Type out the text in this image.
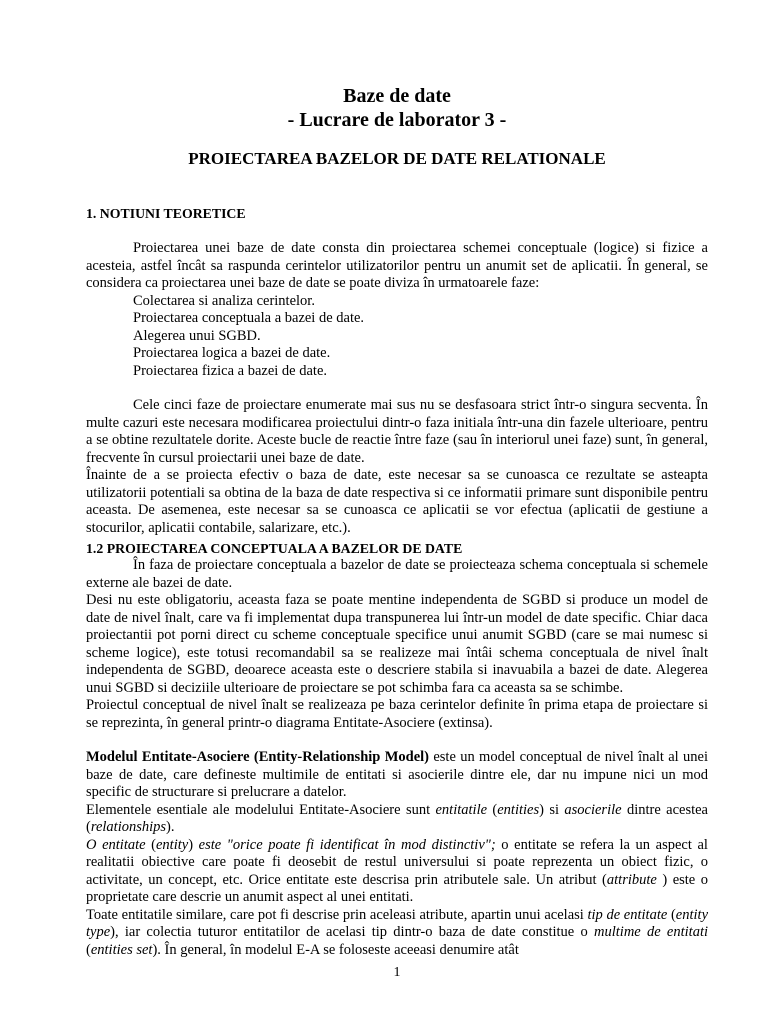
Baze de date
- Lucrare de laborator 3 -
PROIECTAREA BAZELOR DE DATE RELATIONALE
1. NOTIUNI TEORETICE

Proiectarea unei baze de date consta din proiectarea schemei conceptuale (logice) si fizice a acesteia, astfel încât sa raspunda cerintelor utilizatorilor pentru un anumit set de aplicatii. În general, se considera ca proiectarea unei baze de date se poate diviza în urmatoarele faze:

Colectarea si analiza cerintelor.
Proiectarea conceptuala a bazei de date.
Alegerea unui SGBD.
Proiectarea logica a bazei de date.
Proiectarea fizica a bazei de date.

Cele cinci faze de proiectare enumerate mai sus nu se desfasoara strict într-o singura secventa. În multe cazuri este necesara modificarea proiectului dintr-o faza initiala într-una din fazele ulterioare, pentru a se obtine rezultatele dorite. Aceste bucle de reactie între faze (sau în interiorul unei faze) sunt, în general, frecvente în cursul proiectarii unei baze de date.

Înainte de a se proiecta efectiv o baza de date, este necesar sa se cunoasca ce rezultate se asteapta utilizatorii potentiali sa obtina de la baza de date respectiva si ce informatii primare sunt disponibile pentru aceasta. De asemenea, este necesar sa se cunoasca ce aplicatii se vor efectua (aplicatii de gestiune a stocurilor, aplicatii contabile, salarizare, etc.).

1.2 PROIECTAREA CONCEPTUALA A BAZELOR DE DATE

În faza de proiectare conceptuala a bazelor de date se proiecteaza schema conceptuala si schemele externe ale bazei de date.

Desi nu este obligatoriu, aceasta faza se poate mentine independenta de SGBD si produce un model de date de nivel înalt, care va fi implementat dupa transpunerea lui într-un model de date specific. Chiar daca proiectantii pot porni direct cu scheme conceptuale specifice unui anumit SGBD (care se mai numesc si scheme logice), este totusi recomandabil sa se realizeze mai întâi schema conceptuala de nivel înalt independenta de SGBD, deoarece aceasta este o descriere stabila si inavuabila a bazei de date. Alegerea unui SGBD si deciziile ulterioare de proiectare se pot schimba fara ca aceasta sa se schimbe.

Proiectul conceptual de nivel înalt se realizeaza pe baza cerintelor definite în prima etapa de proiectare si se reprezinta, în general printr-o diagrama Entitate-Asociere (extinsa).

Modelul Entitate-Asociere (Entity-Relationship Model) este un model conceptual de nivel înalt al unei baze de date, care defineste multimile de entitati si asocierile dintre ele, dar nu impune nici un mod specific de structurare si prelucrare a datelor.

Elementele esentiale ale modelului Entitate-Asociere sunt entitatile (entities) si asocierile dintre acestea (relationships).

O entitate (entity) este "orice poate fi identificat în mod distinctiv"; o entitate se refera la un aspect al realitatii obiective care poate fi deosebit de restul universului si poate reprezenta un obiect fizic, o activitate, un concept, etc. Orice entitate este descrisa prin atributele sale. Un atribut (attribute ) este o proprietate care descrie un anumit aspect al unei entitati.

Toate entitatile similare, care pot fi descrise prin aceleasi atribute, apartin unui acelasi tip de entitate (entity type), iar colectia tuturor entitatilor de acelasi tip dintr-o baza de date constitue o multime de entitati (entities set). În general, în modelul E-A se foloseste aceeasi denumire atât

1
